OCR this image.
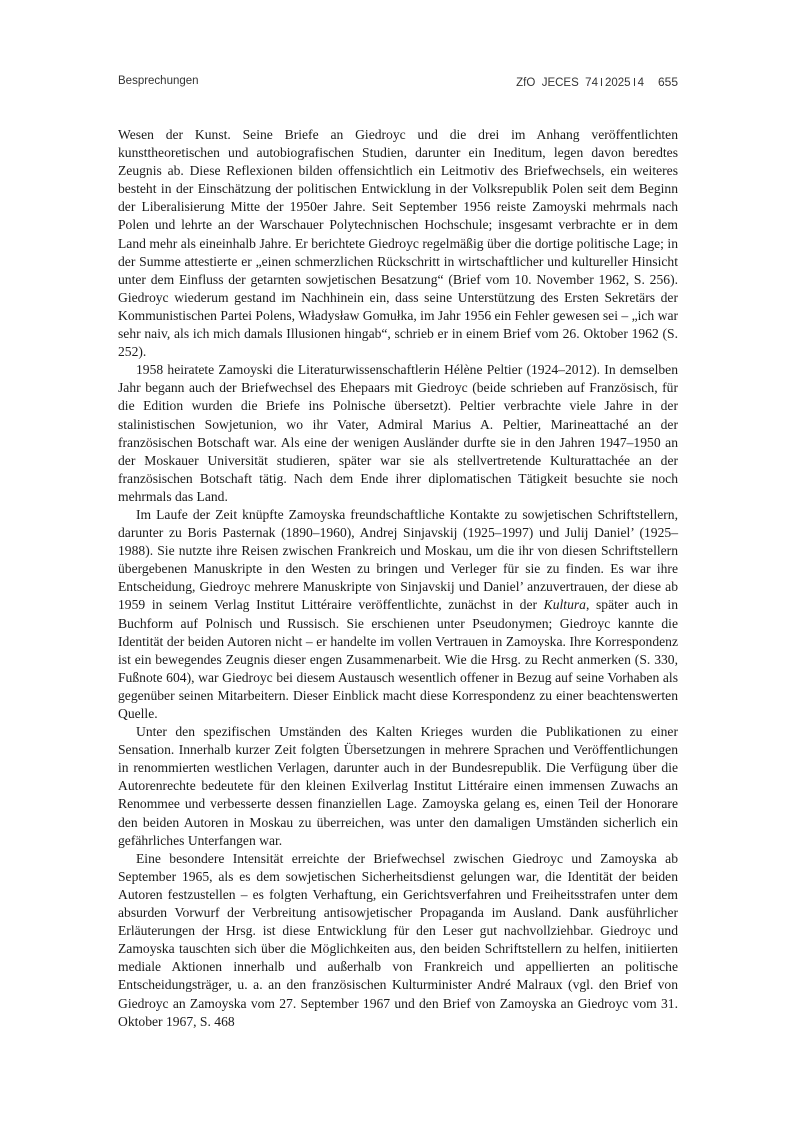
Besprechungen	ZfO JECES 74 2025 4 655

Wesen der Kunst. Seine Briefe an Giedroyc und die drei im Anhang veröffentlichten kunsttheoretischen und autobiografischen Studien, darunter ein Ineditum, legen davon beredtes Zeugnis ab. Diese Reflexionen bilden offensichtlich ein Leitmotiv des Briefwechsels, ein weiteres besteht in der Einschätzung der politischen Entwicklung in der Volksrepublik Polen seit dem Beginn der Liberalisierung Mitte der 1950er Jahre. Seit September 1956 reiste Zamoyski mehrmals nach Polen und lehrte an der Warschauer Polytechnischen Hochschule; insgesamt verbrachte er in dem Land mehr als eineinhalb Jahre. Er berichtete Giedroyc regelmäßig über die dortige politische Lage; in der Summe attestierte er „einen schmerzlichen Rückschritt in wirtschaftlicher und kultureller Hinsicht unter dem Einfluss der getarnten sowjetischen Besatzung“ (Brief vom 10. November 1962, S. 256). Giedroyc wiederum gestand im Nachhinein ein, dass seine Unterstützung des Ersten Sekretärs der Kommunistischen Partei Polens, Władysław Gomułka, im Jahr 1956 ein Fehler gewesen sei – „ich war sehr naiv, als ich mich damals Illusionen hingab“, schrieb er in einem Brief vom 26. Oktober 1962 (S. 252).

1958 heiratete Zamoyski die Literaturwissenschaftlerin Hélène Peltier (1924–2012). In demselben Jahr begann auch der Briefwechsel des Ehepaars mit Giedroyc (beide schrieben auf Französisch, für die Edition wurden die Briefe ins Polnische übersetzt). Peltier verbrachte viele Jahre in der stalinistischen Sowjetunion, wo ihr Vater, Admiral Marius A. Peltier, Marineattaché an der französischen Botschaft war. Als eine der wenigen Ausländer durfte sie in den Jahren 1947–1950 an der Moskauer Universität studieren, später war sie als stellvertretende Kulturattachée an der französischen Botschaft tätig. Nach dem Ende ihrer diplomatischen Tätigkeit besuchte sie noch mehrmals das Land.

Im Laufe der Zeit knüpfte Zamoyska freundschaftliche Kontakte zu sowjetischen Schriftstellern, darunter zu Boris Pasternak (1890–1960), Andrej Sinjavskij (1925–1997) und Julij Daniel’ (1925–1988). Sie nutzte ihre Reisen zwischen Frankreich und Moskau, um die ihr von diesen Schriftstellern übergebenen Manuskripte in den Westen zu bringen und Verleger für sie zu finden. Es war ihre Entscheidung, Giedroyc mehrere Manuskripte von Sinjavskij und Daniel’ anzuvertrauen, der diese ab 1959 in seinem Verlag Institut Littéraire veröffentlichte, zunächst in der Kultura, später auch in Buchform auf Polnisch und Russisch. Sie erschienen unter Pseudonymen; Giedroyc kannte die Identität der beiden Autoren nicht – er handelte im vollen Vertrauen in Zamoyska. Ihre Korrespondenz ist ein bewegendes Zeugnis dieser engen Zusammenarbeit. Wie die Hrsg. zu Recht anmerken (S. 330, Fußnote 604), war Giedroyc bei diesem Austausch wesentlich offener in Bezug auf seine Vorhaben als gegenüber seinen Mitarbeitern. Dieser Einblick macht diese Korrespondenz zu einer beachtenswerten Quelle.

Unter den spezifischen Umständen des Kalten Krieges wurden die Publikationen zu einer Sensation. Innerhalb kurzer Zeit folgten Übersetzungen in mehrere Sprachen und Veröffentlichungen in renommierten westlichen Verlagen, darunter auch in der Bundesrepublik. Die Verfügung über die Autorenrechte bedeutete für den kleinen Exilverlag Institut Littéraire einen immensen Zuwachs an Renommee und verbesserte dessen finanziellen Lage. Zamoyska gelang es, einen Teil der Honorare den beiden Autoren in Moskau zu überreichen, was unter den damaligen Umständen sicherlich ein gefährliches Unterfangen war.

Eine besondere Intensität erreichte der Briefwechsel zwischen Giedroyc und Zamoyska ab September 1965, als es dem sowjetischen Sicherheitsdienst gelungen war, die Identität der beiden Autoren festzustellen – es folgten Verhaftung, ein Gerichtsverfahren und Freiheitsstrafen unter dem absurden Vorwurf der Verbreitung antisowjetischer Propaganda im Ausland. Dank ausführlicher Erläuterungen der Hrsg. ist diese Entwicklung für den Leser gut nachvollziehbar. Giedroyc und Zamoyska tauschten sich über die Möglichkeiten aus, den beiden Schriftstellern zu helfen, initiierten mediale Aktionen innerhalb und außerhalb von Frankreich und appellierten an politische Entscheidungsträger, u. a. an den französischen Kulturminister André Malraux (vgl. den Brief von Giedroyc an Zamoyska vom 27. September 1967 und den Brief von Zamoyska an Giedroyc vom 31. Oktober 1967, S. 468
